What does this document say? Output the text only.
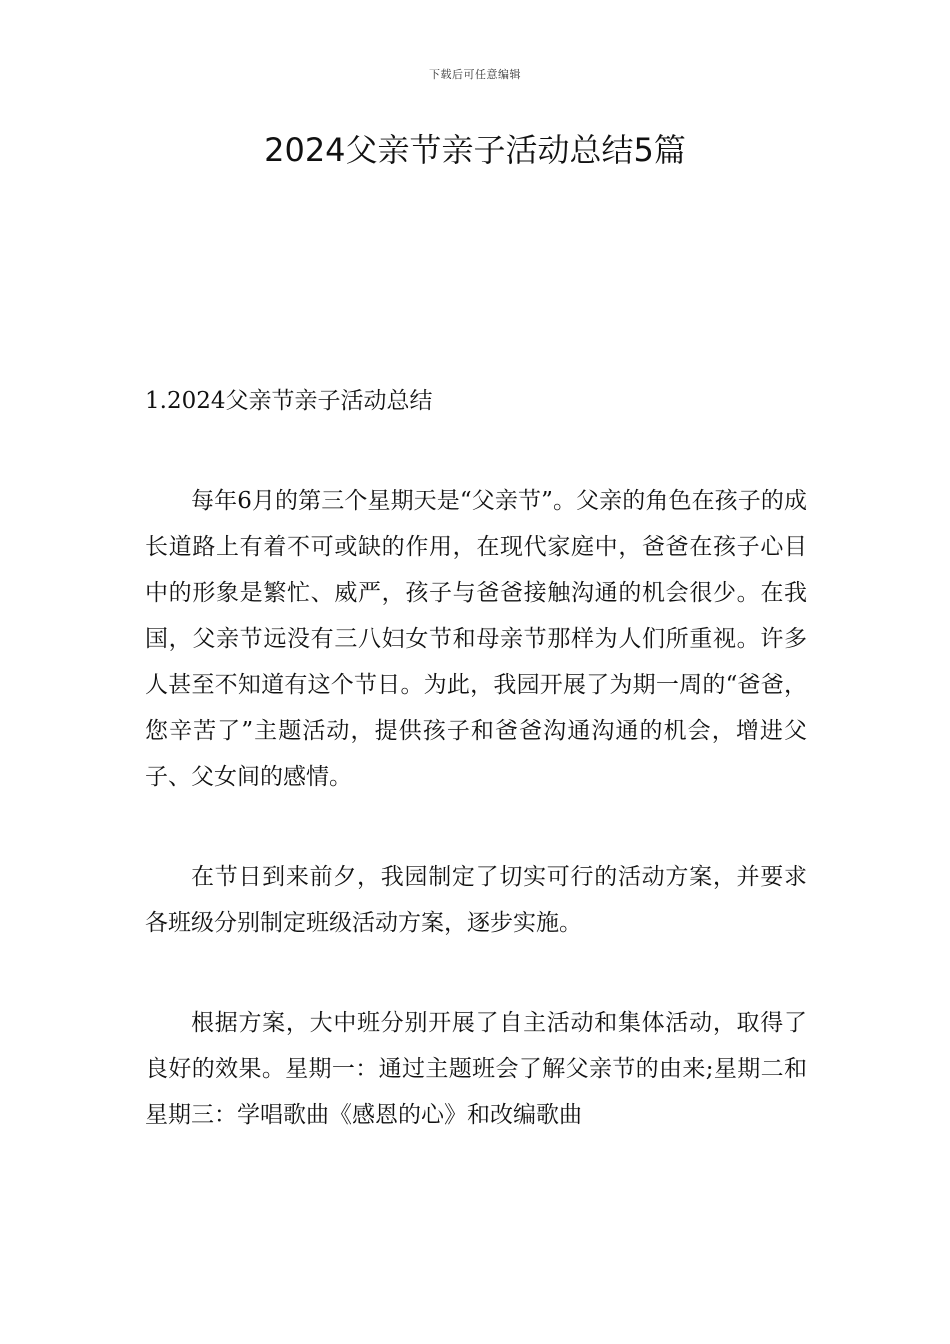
下载后可任意编辑
2024父亲节亲子活动总结5篇

1.2024父亲节亲子活动总结

每年6月的第三个星期天是“父亲节”。父亲的角色在孩子的成长道路上有着不可或缺的作用，在现代家庭中，爸爸在孩子心目中的形象是繁忙、威严，孩子与爸爸接触沟通的机会很少。在我国，父亲节远没有三八妇女节和母亲节那样为人们所重视。许多人甚至不知道有这个节日。为此，我园开展了为期一周的“爸爸，您辛苦了”主题活动，提供孩子和爸爸沟通沟通的机会，增进父子、父女间的感情。

在节日到来前夕，我园制定了切实可行的活动方案，并要求各班级分别制定班级活动方案，逐步实施。

根据方案，大中班分别开展了自主活动和集体活动，取得了良好的效果。星期一：通过主题班会了解父亲节的由来;星期二和星期三：学唱歌曲《感恩的心》和改编歌曲
